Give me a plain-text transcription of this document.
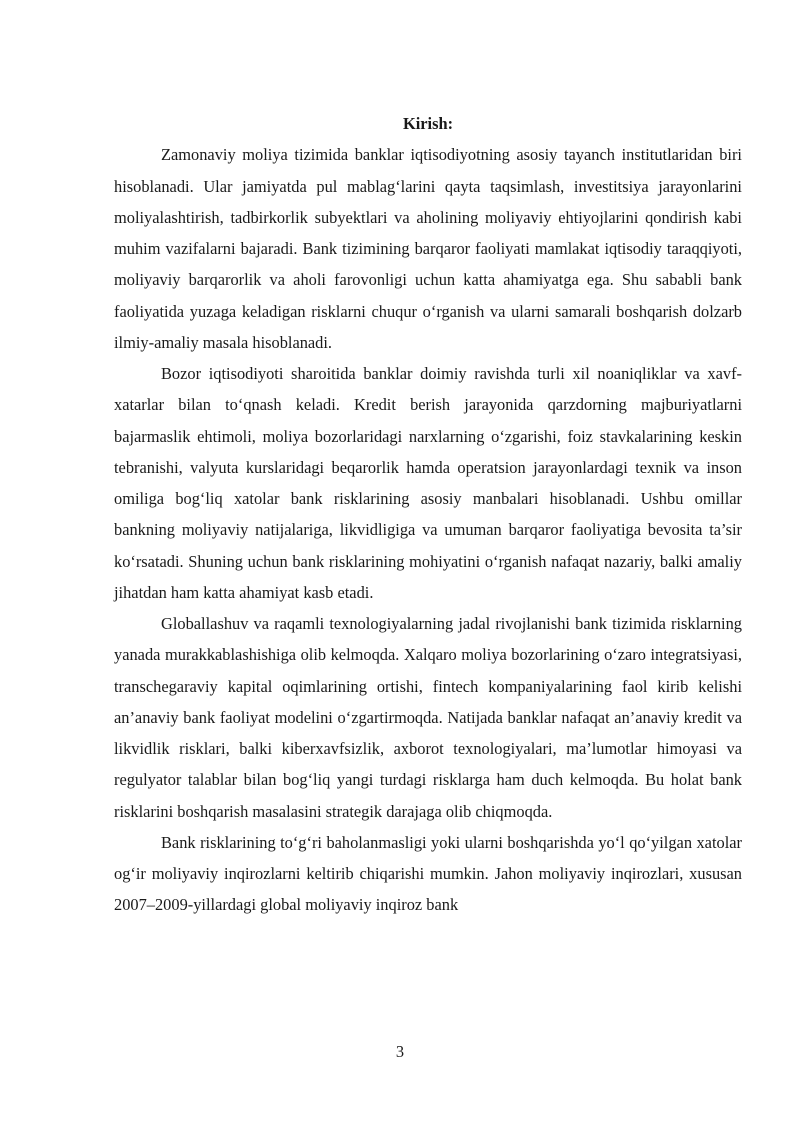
Kirish:

Zamonaviy moliya tizimida banklar iqtisodiyotning asosiy tayanch institutlaridan biri hisoblanadi. Ular jamiyatda pul mablag‘larini qayta taqsimlash, investitsiya jarayonlarini moliyalashtirish, tadbirkorlik subyektlari va aholining moliyaviy ehtiyojlarini qondirish kabi muhim vazifalarni bajaradi. Bank tizimining barqaror faoliyati mamlakat iqtisodiy taraqqiyoti, moliyaviy barqarorlik va aholi farovonligi uchun katta ahamiyatga ega. Shu sababli bank faoliyatida yuzaga keladigan risklarni chuqur o‘rganish va ularni samarali boshqarish dolzarb ilmiy-amaliy masala hisoblanadi.

Bozor iqtisodiyoti sharoitida banklar doimiy ravishda turli xil noaniqliklar va xavf-xatarlar bilan to‘qnash keladi. Kredit berish jarayonida qarzdorning majburiyatlarni bajarmaslik ehtimoli, moliya bozorlaridagi narxlarning o‘zgarishi, foiz stavkalarining keskin tebranishi, valyuta kurslaridagi beqarorlik hamda operatsion jarayonlardagi texnik va inson omiliga bog‘liq xatolar bank risklarining asosiy manbalari hisoblanadi. Ushbu omillar bankning moliyaviy natijalariga, likvidligiga va umuman barqaror faoliyatiga bevosita ta’sir ko‘rsatadi. Shuning uchun bank risklarining mohiyatini o‘rganish nafaqat nazariy, balki amaliy jihatdan ham katta ahamiyat kasb etadi.

Globallashuv va raqamli texnologiyalarning jadal rivojlanishi bank tizimida risklarning yanada murakkablashishiga olib kelmoqda. Xalqaro moliya bozorlarining o‘zaro integratsiyasi, transchegaraviy kapital oqimlarining ortishi, fintech kompaniyalarining faol kirib kelishi an’anaviy bank faoliyat modelini o‘zgartirmoqda. Natijada banklar nafaqat an’anaviy kredit va likvidlik risklari, balki kiberxavfsizlik, axborot texnologiyalari, ma’lumotlar himoyasi va regulyator talablar bilan bog‘liq yangi turdagi risklarga ham duch kelmoqda. Bu holat bank risklarini boshqarish masalasini strategik darajaga olib chiqmoqda.

Bank risklarining to‘g‘ri baholanmasligi yoki ularni boshqarishda yo‘l qo‘yilgan xatolar og‘ir moliyaviy inqirozlarni keltirib chiqarishi mumkin. Jahon moliyaviy inqirozlari, xususan 2007–2009-yillardagi global moliyaviy inqiroz bank

3
